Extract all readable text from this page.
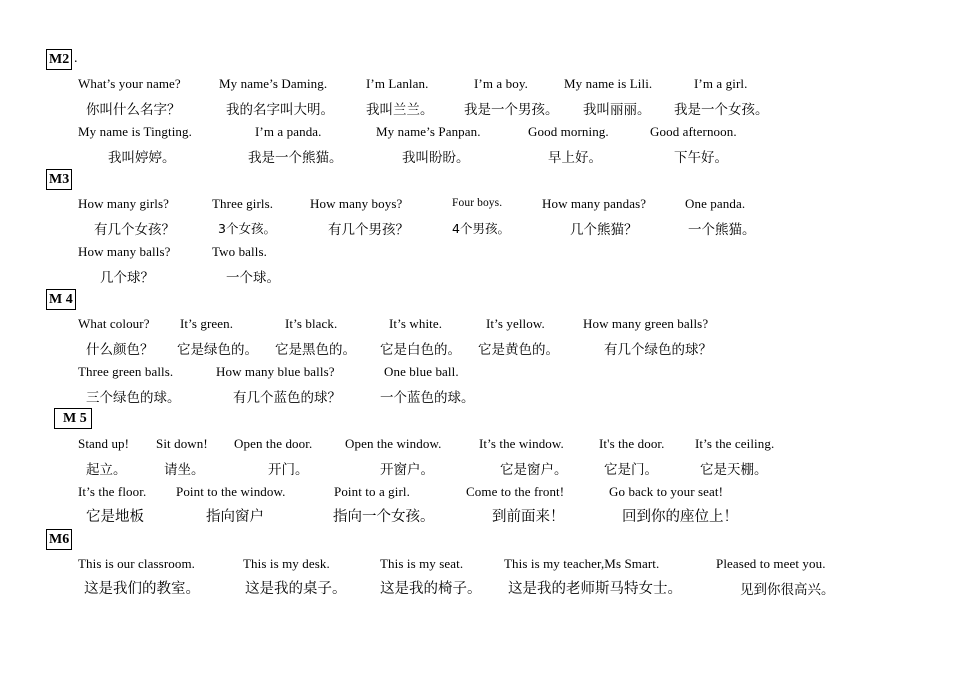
M2 .
What’s your name?	My name’s Daming.	I’m Lanlan.	I’m a boy.	My name is Lili.	I’m a girl.
你叫什么名字？	我的名字叫大明。 我叫兰兰。 我是一个男孩。 我叫丽丽。 我是一个女孩。
My name is Tingting.	I’m a panda.	My name’s Panpan.	Good morning.	Good afternoon.
我叫婷婷。	我是一个熊猫。	我叫盼盼。	早上好。	下午好。
M3
How many girls?	Three girls.	How many boys?	Four boys.	How many pandas?	One panda.
有几个女孩？	3个女孩。	有几个男孩？	4个男孩。	几个熊猫？	一个熊猫。
How many balls?	Two balls.
几个球？	一个球。
M 4
What colour? It’s green.	It’s black.	It’s white.	It’s yellow.	How many green balls?
什么颜色？ 它是绿色的。 它是黑色的。 它是白色的。 它是黄色的。	有几个绿色的球？
Three green balls.	How many blue balls?	One blue ball.
三个绿色的球。	有几个蓝色的球？	一个蓝色的球。
M 5
Stand up! Sit down! Open the door.	Open the window.	It’s the window.	It's the door. It’s the ceiling.
起立。	请坐。	开门。	开窗户。	它是窗户。	它是门。	它是天棚。
It’s the floor. Point to the window.	Point to a girl.	Come to the front!	Go back to your seat!
它是地板	指向窗户	指向一个女孩。	到前面来！	回到你的座位上！
M6
This is our classroom.	This is my desk.	This is my seat.	This is my teacher,Ms Smart.	Pleased to meet you.
这是我们的教室。	这是我的桌子。 这是我的椅子。 这是我的老师斯马特女士。	见到你很高兴。
